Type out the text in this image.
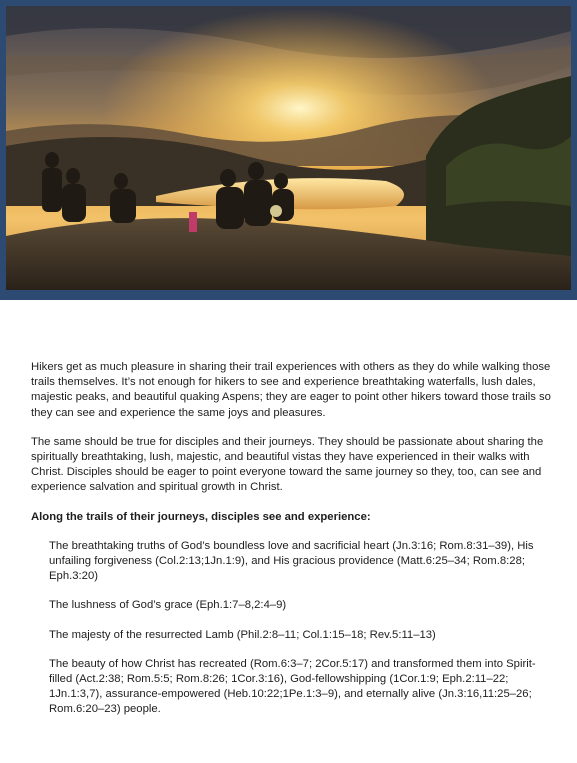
Hikers get as much pleasure in sharing their trail experiences with others as they do while walking those trails themselves. It’s not enough for hikers to see and experience breathtaking waterfalls, lush dales, majestic peaks, and beautiful quaking Aspens; they are eager to point other hikers toward those trails so they can see and experience the same joys and pleasures.

The same should be true for disciples and their journeys. They should be passionate about sharing the spiritually breathtaking, lush, majestic, and beautiful vistas they have experienced in their walks with Christ. Disciples should be eager to point everyone toward the same journey so they, too, can see and experience salvation and spiritual growth in Christ.

Along the trails of their journeys, disciples see and experience:

The breathtaking truths of God’s boundless love and sacrificial heart (Jn.3:16; Rom.8:31–39), His unfailing forgiveness (Col.2:13;1Jn.1:9), and His gracious providence (Matt.6:25–34; Rom.8:28; Eph.3:20)

The lushness of God’s grace (Eph.1:7–8,2:4–9)

The majesty of the resurrected Lamb (Phil.2:8–11; Col.1:15–18; Rev.5:11–13)

The beauty of how Christ has recreated (Rom.6:3–7; 2Cor.5:17) and transformed them into Spirit-filled (Act.2:38; Rom.5:5; Rom.8:26; 1Cor.3:16), God-fellowshipping (1Cor.1:9; Eph.2:11–22; 1Jn.1:3,7), assurance-empowered (Heb.10:22;1Pe.1:3–9), and eternally alive (Jn.3:16,11:25–26; Rom.6:20–23) people.
